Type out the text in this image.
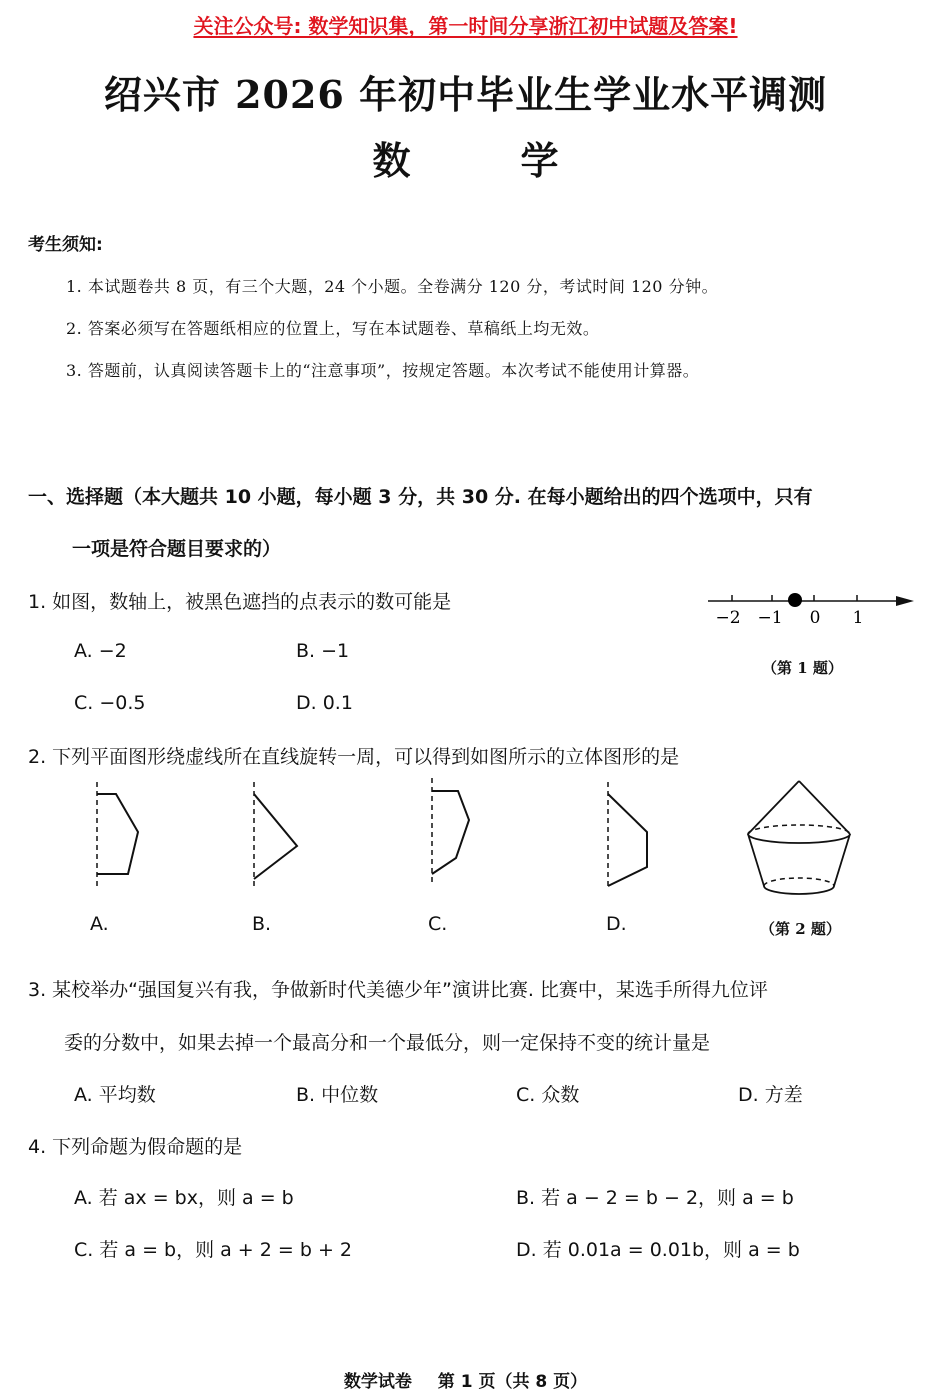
关注公众号: 数学知识集，第一时间分享浙江初中试题及答案!
绍兴市 2026 年初中毕业生学业水平调测
数学
考生须知:
1. 本试题卷共 8 页，有三个大题，24 个小题。全卷满分 120 分，考试时间 120 分钟。
2. 答案必须写在答题纸相应的位置上，写在本试题卷、草稿纸上均无效。
3. 答题前，认真阅读答题卡上的“注意事项”，按规定答题。本次考试不能使用计算器。
一、选择题（本大题共 10 小题，每小题 3 分，共 30 分. 在每小题给出的四个选项中，只有
一项是符合题目要求的）
1. 如图，数轴上，被黑色遮挡的点表示的数可能是
A. −2	B. −1
C. −0.5	D. 0.1
−2 −1 0 1
（第 1 题）
2. 下列平面图形绕虚线所在直线旋转一周，可以得到如图所示的立体图形的是
A.	B.	C.	D.	（第 2 题）
3. 某校举办“强国复兴有我，争做新时代美德少年”演讲比赛. 比赛中，某选手所得九位评
委的分数中，如果去掉一个最高分和一个最低分，则一定保持不变的统计量是
A. 平均数	B. 中位数	C. 众数	D. 方差
4. 下列命题为假命题的是
A. 若 ax = bx，则 a = b	B. 若 a − 2 = b − 2，则 a = b
C. 若 a = b，则 a + 2 = b + 2	D. 若 0.01a = 0.01b，则 a = b
数学试卷 第 1 页（共 8 页）
